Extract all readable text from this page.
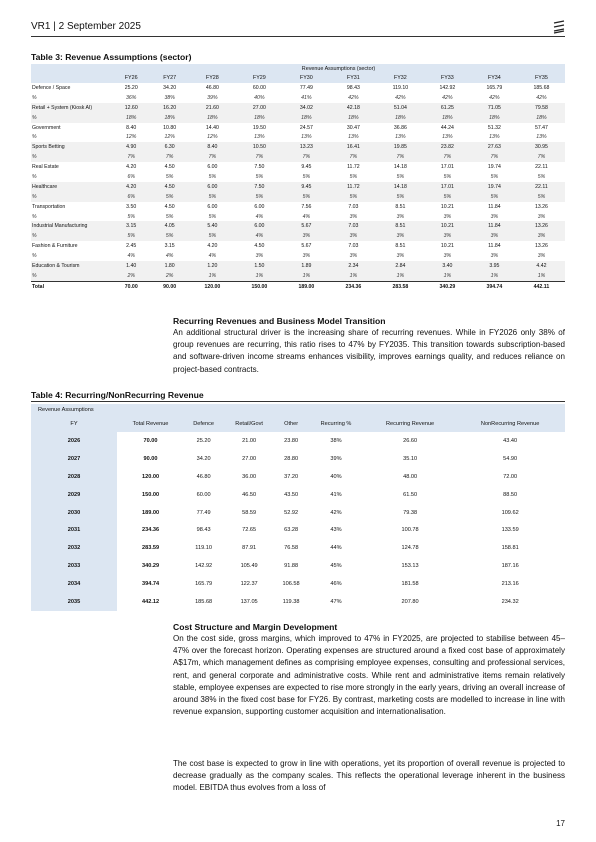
VR1 | 2 September 2025
Table 3: Revenue Assumptions (sector)
	Revenue Assumptions (sector)									
	FY26	FY27	FY28	FY29	FY30	FY31	FY32	FY33	FY34	FY35
Defence / Space	25.20	34.20	46.80	60.00	77.49	98.43	119.10	142.92	165.79	185.68
%	36%	38%	39%	40%	41%	42%	42%	42%	42%	42%
Retail + System (Kiosk AI)	12.60	16.20	21.60	27.00	34.02	42.18	51.04	61.25	71.05	79.58
%	18%	18%	18%	18%	18%	18%	18%	18%	18%	18%
Government	8.40	10.80	14.40	19.50	24.57	30.47	36.86	44.24	51.32	57.47
%	12%	12%	12%	13%	13%	13%	13%	13%	13%	13%
Sports Betting	4.90	6.30	8.40	10.50	13.23	16.41	19.85	23.82	27.63	30.95
%	7%	7%	7%	7%	7%	7%	7%	7%	7%	7%
Real Estate	4.20	4.50	6.00	7.50	9.45	11.72	14.18	17.01	19.74	22.11
%	6%	5%	5%	5%	5%	5%	5%	5%	5%	5%
Healthcare	4.20	4.50	6.00	7.50	9.45	11.72	14.18	17.01	19.74	22.11
%	6%	5%	5%	5%	5%	5%	5%	5%	5%	5%
Transportation	3.50	4.50	6.00	6.00	7.56	7.03	8.51	10.21	11.84	13.26
%	5%	5%	5%	4%	4%	3%	3%	3%	3%	3%
Industrial Manufacturing	3.15	4.05	5.40	6.00	5.67	7.03	8.51	10.21	11.84	13.26
%	5%	5%	5%	4%	3%	3%	3%	3%	3%	3%
Fashion & Furniture	2.45	3.15	4.20	4.50	5.67	7.03	8.51	10.21	11.84	13.26
%	4%	4%	4%	3%	3%	3%	3%	3%	3%	3%
Education & Tourism	1.40	1.80	1.20	1.50	1.89	2.34	2.84	3.40	3.95	4.42
%	2%	2%	1%	1%	1%	1%	1%	1%	1%	1%
Total	70.00	90.00	120.00	150.00	189.00	234.36	283.58	340.29	394.74	442.11
Recurring Revenues and Business Model Transition
An additional structural driver is the increasing share of recurring revenues. While in FY2026 only 38% of group revenues are recurring, this ratio rises to 47% by FY2035. This transition towards subscription-based and software-driven income streams enhances visibility, improves earnings quality, and reduces reliance on project-based contracts.
Table 4: Recurring/NonRecurring Revenue
Revenue Assumptions							
FY	Total Revenue	Defence	Retail/Govt	Other	Recurring %	Recurring Revenue	NonRecurring Revenue
2026	70.00	25.20	21.00	23.80	38%	26.60	43.40
2027	90.00	34.20	27.00	28.80	39%	35.10	54.90
2028	120.00	46.80	36.00	37.20	40%	48.00	72.00
2029	150.00	60.00	46.50	43.50	41%	61.50	88.50
2030	189.00	77.49	58.59	52.92	42%	79.38	109.62
2031	234.36	98.43	72.65	63.28	43%	100.78	133.59
2032	283.59	119.10	87.91	76.58	44%	124.78	158.81
2033	340.29	142.92	105.49	91.88	45%	153.13	187.16
2034	394.74	165.79	122.37	106.58	46%	181.58	213.16
2035	442.12	185.68	137.05	119.38	47%	207.80	234.32
Cost Structure and Margin Development
On the cost side, gross margins, which improved to 47% in FY2025, are projected to stabilise between 45–47% over the forecast horizon. Operating expenses are structured around a fixed cost base of approximately A$17m, which management defines as comprising employee expenses, consulting and professional services, rent, and general corporate and administrative costs. While rent and administrative items remain relatively stable, employee expenses are expected to rise more strongly in the early years, driving an overall increase of around 38% in the fixed cost base for FY26. By contrast, marketing costs are modelled to increase in line with revenue expansion, supporting customer acquisition and internationalisation.
The cost base is expected to grow in line with operations, yet its proportion of overall revenue is projected to decrease gradually as the company scales. This reflects the operational leverage inherent in the business model. EBITDA thus evolves from a loss of
17
